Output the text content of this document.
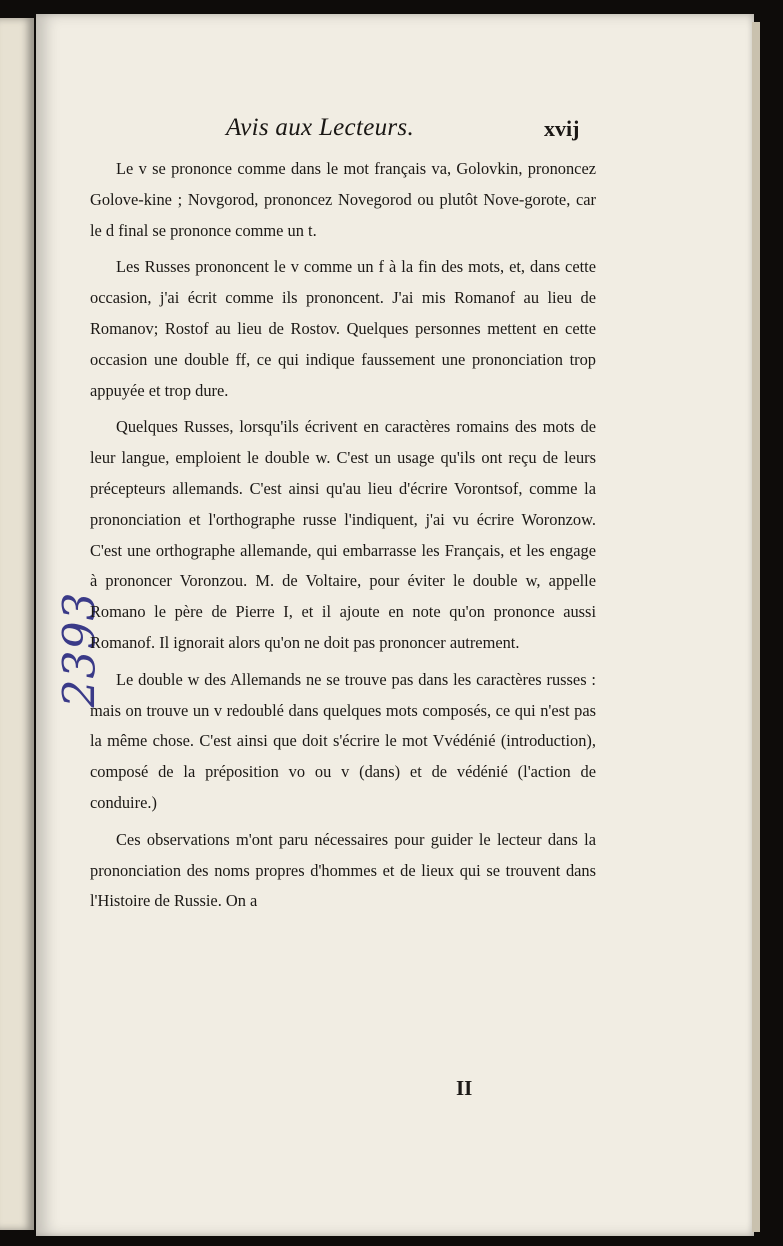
Avis aux Lecteurs.	xvij
2393

Le v se prononce comme dans le mot français va, Golovkin, prononcez Golove-kine ; Novgorod, prononcez Novegorod ou plutôt Nove-gorote, car le d final se prononce comme un t.

Les Russes prononcent le v comme un f à la fin des mots, et, dans cette occasion, j'ai écrit comme ils prononcent. J'ai mis Romanof au lieu de Romanov; Rostof au lieu de Rostov. Quelques personnes mettent en cette occasion une double ff, ce qui indique faussement une prononciation trop appuyée et trop dure.

Quelques Russes, lorsqu'ils écrivent en caractères romains des mots de leur langue, emploient le double w. C'est un usage qu'ils ont reçu de leurs précepteurs allemands. C'est ainsi qu'au lieu d'écrire Vorontsof, comme la prononciation et l'orthographe russe l'indiquent, j'ai vu écrire Woronzow. C'est une orthographe allemande, qui embarrasse les Français, et les engage à prononcer Voronzou. M. de Voltaire, pour éviter le double w, appelle Romano le père de Pierre I, et il ajoute en note qu'on prononce aussi Romanof. Il ignorait alors qu'on ne doit pas prononcer autrement.

Le double w des Allemands ne se trouve pas dans les caractères russes : mais on trouve un v redoublé dans quelques mots composés, ce qui n'est pas la même chose. C'est ainsi que doit s'écrire le mot Vvédénié (introduction), composé de la préposition vo ou v (dans) et de védénié (l'action de conduire.)

Ces observations m'ont paru nécessaires pour guider le lecteur dans la prononciation des noms propres d'hommes et de lieux qui se trouvent dans l'Histoire de Russie. On a

II
